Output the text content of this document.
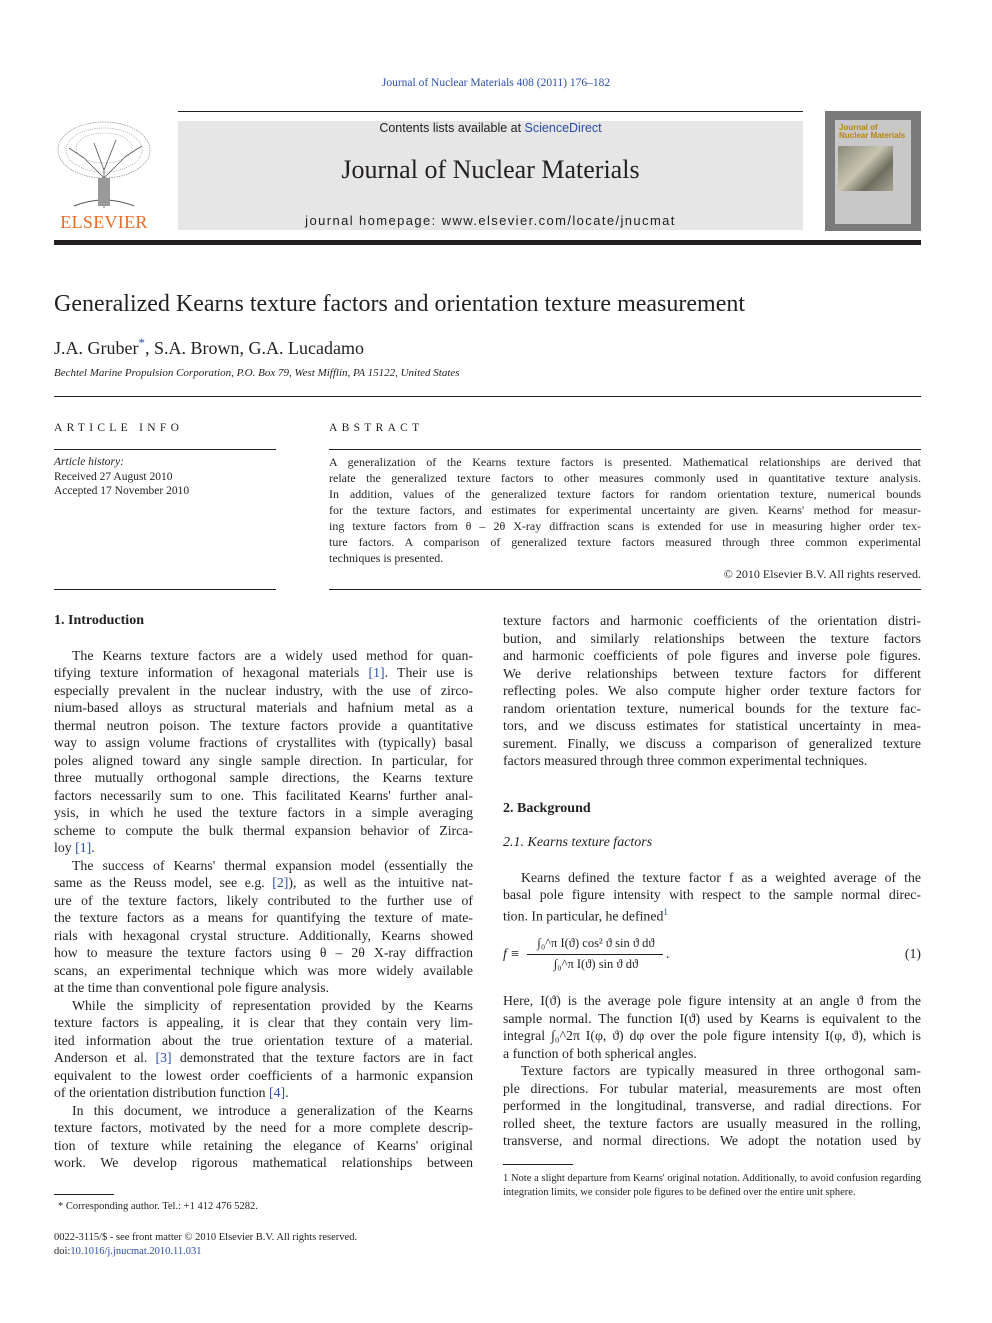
Journal of Nuclear Materials 408 (2011) 176–182
ELSEVIER
Contents lists available at ScienceDirect
Journal of Nuclear Materials
journal homepage: www.elsevier.com/locate/jnucmat
Journal of Nuclear Materials
Generalized Kearns texture factors and orientation texture measurement
J.A. Gruber*, S.A. Brown, G.A. Lucadamo
Bechtel Marine Propulsion Corporation, P.O. Box 79, West Mifflin, PA 15122, United States
ARTICLE INFO
Article history:
Received 27 August 2010
Accepted 17 November 2010
ABSTRACT
A generalization of the Kearns texture factors is presented. Mathematical relationships are derived that
relate the generalized texture factors to other measures commonly used in quantitative texture analysis.
In addition, values of the generalized texture factors for random orientation texture, numerical bounds
for the texture factors, and estimates for experimental uncertainty are given. Kearns' method for measur-
ing texture factors from θ – 2θ X-ray diffraction scans is extended for use in measuring higher order tex-
ture factors. A comparison of generalized texture factors measured through three common experimental
techniques is presented.
© 2010 Elsevier B.V. All rights reserved.
1. Introduction
The Kearns texture factors are a widely used method for quan-
tifying texture information of hexagonal materials [1]. Their use is
especially prevalent in the nuclear industry, with the use of zirco-
nium-based alloys as structural materials and hafnium metal as a
thermal neutron poison. The texture factors provide a quantitative
way to assign volume fractions of crystallites with (typically) basal
poles aligned toward any single sample direction. In particular, for
three mutually orthogonal sample directions, the Kearns texture
factors necessarily sum to one. This facilitated Kearns' further anal-
ysis, in which he used the texture factors in a simple averaging
scheme to compute the bulk thermal expansion behavior of Zirca-
loy [1].
The success of Kearns' thermal expansion model (essentially the
same as the Reuss model, see e.g. [2]), as well as the intuitive nat-
ure of the texture factors, likely contributed to the further use of
the texture factors as a means for quantifying the texture of mate-
rials with hexagonal crystal structure. Additionally, Kearns showed
how to measure the texture factors using θ – 2θ X-ray diffraction
scans, an experimental technique which was more widely available
at the time than conventional pole figure analysis.
While the simplicity of representation provided by the Kearns
texture factors is appealing, it is clear that they contain very lim-
ited information about the true orientation texture of a material.
Anderson et al. [3] demonstrated that the texture factors are in fact
equivalent to the lowest order coefficients of a harmonic expansion
of the orientation distribution function [4].
In this document, we introduce a generalization of the Kearns
texture factors, motivated by the need for a more complete descrip-
tion of texture while retaining the elegance of Kearns' original
work. We develop rigorous mathematical relationships between
texture factors and harmonic coefficients of the orientation distri-
bution, and similarly relationships between the texture factors
and harmonic coefficients of pole figures and inverse pole figures.
We derive relationships between texture factors for different
reflecting poles. We also compute higher order texture factors for
random orientation texture, numerical bounds for the texture fac-
tors, and we discuss estimates for statistical uncertainty in mea-
surement. Finally, we discuss a comparison of generalized texture
factors measured through three common experimental techniques.
2. Background
2.1. Kearns texture factors
Kearns defined the texture factor f as a weighted average of the
basal pole figure intensity with respect to the sample normal direc-
tion. In particular, he defined$^1$
f ≡
∫₀^π I(ϑ) cos² ϑ sin ϑ dϑ
∫₀^π I(ϑ) sin ϑ dϑ
.	(1)
Here, I(ϑ) is the average pole figure intensity at an angle ϑ from the
sample normal. The function I(ϑ) used by Kearns is equivalent to the
integral ∫₀^2π I(φ, ϑ) dφ over the pole figure intensity I(φ, ϑ), which is
a function of both spherical angles.
Texture factors are typically measured in three orthogonal sam-
ple directions. For tubular material, measurements are most often
performed in the longitudinal, transverse, and radial directions. For
rolled sheet, the texture factors are usually measured in the rolling,
transverse, and normal directions. We adopt the notation used by
1 Note a slight departure from Kearns' original notation. Additionally, to avoid confusion regarding integration limits, we consider pole figures to be defined over the entire unit sphere.
* Corresponding author. Tel.: +1 412 476 5282.
0022-3115/$ - see front matter © 2010 Elsevier B.V. All rights reserved.
doi:10.1016/j.jnucmat.2010.11.031
